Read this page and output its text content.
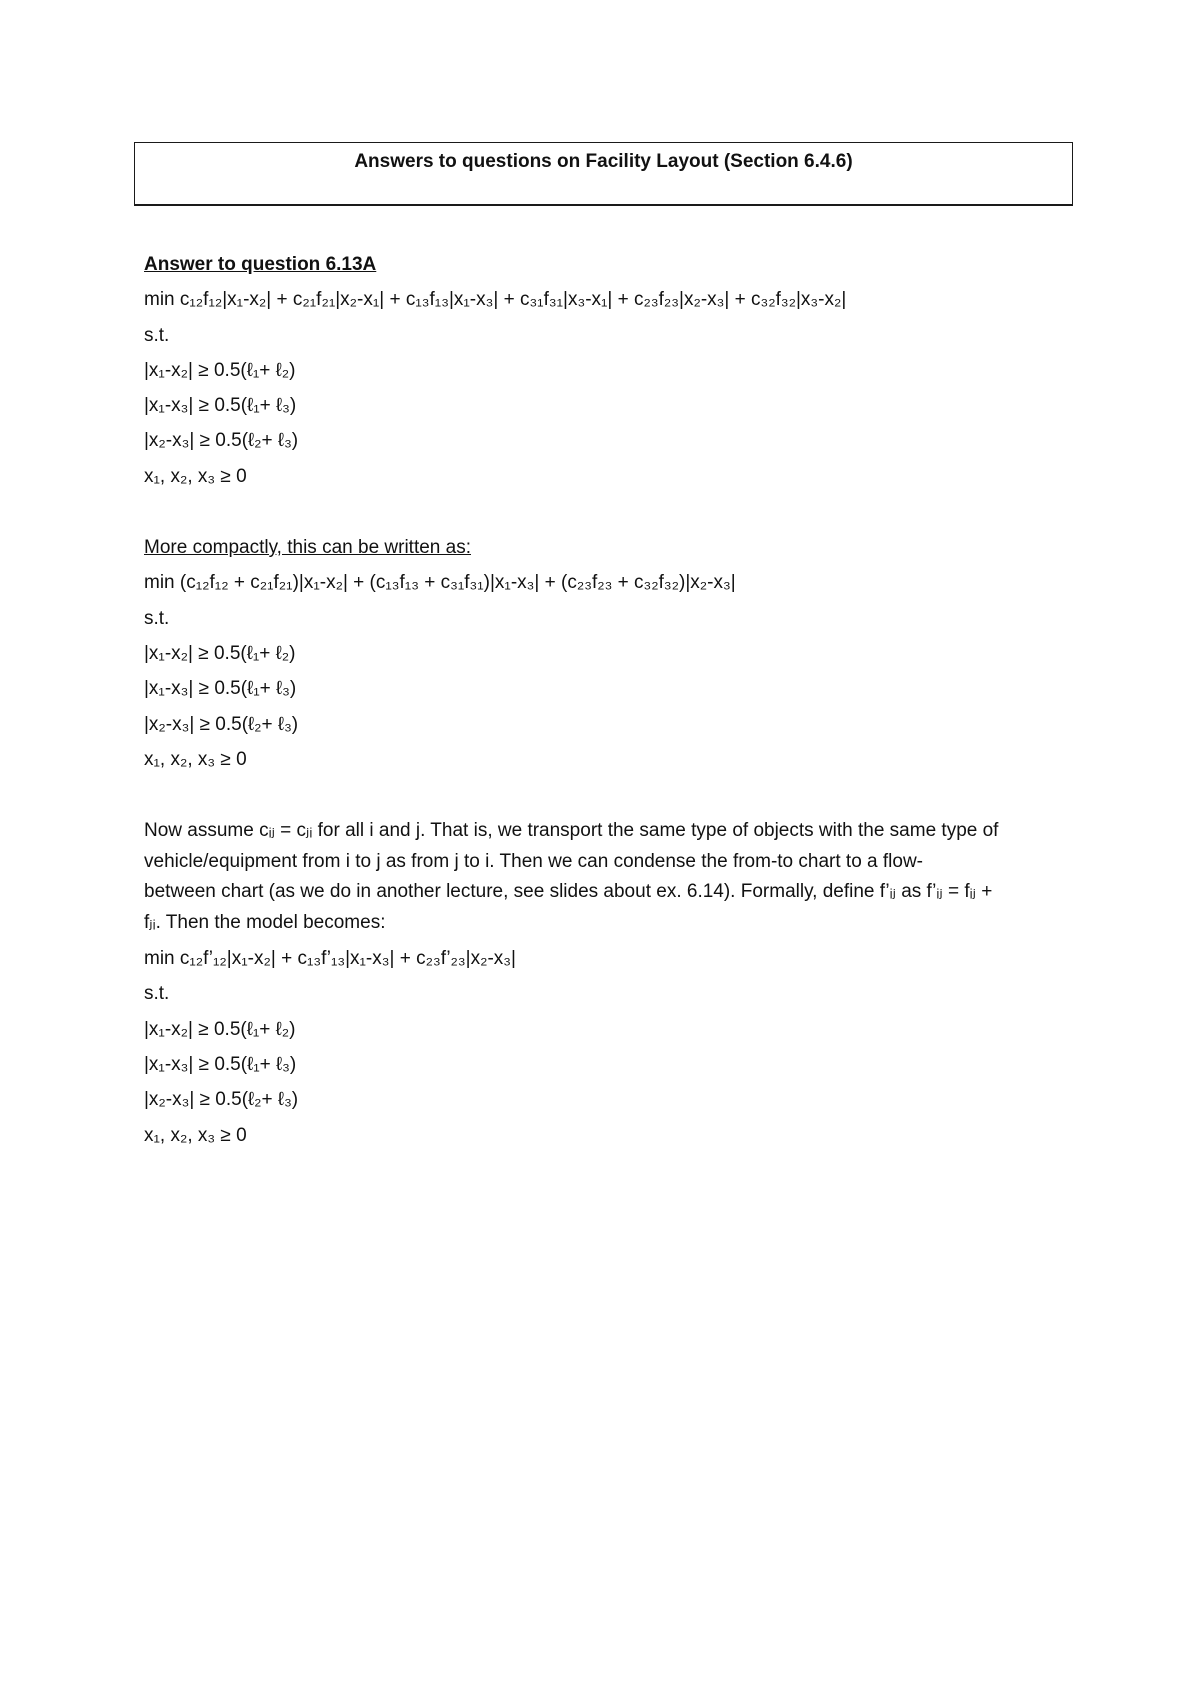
Answers to questions on Facility Layout (Section 6.4.6)
Answer to question 6.13A
min c₁₂f₁₂|x₁-x₂| + c₂₁f₂₁|x₂-x₁| + c₁₃f₁₃|x₁-x₃| + c₃₁f₃₁|x₃-x₁| + c₂₃f₂₃|x₂-x₃| + c₃₂f₃₂|x₃-x₂|
s.t.
|x₁-x₂| ≥ 0.5(ℓ₁+ ℓ₂)
|x₁-x₃| ≥ 0.5(ℓ₁+ ℓ₃)
|x₂-x₃| ≥ 0.5(ℓ₂+ ℓ₃)
x₁, x₂, x₃ ≥ 0
More compactly, this can be written as:
min (c₁₂f₁₂ + c₂₁f₂₁)|x₁-x₂| + (c₁₃f₁₃ + c₃₁f₃₁)|x₁-x₃| + (c₂₃f₂₃ + c₃₂f₃₂)|x₂-x₃|
s.t.
|x₁-x₂| ≥ 0.5(ℓ₁+ ℓ₂)
|x₁-x₃| ≥ 0.5(ℓ₁+ ℓ₃)
|x₂-x₃| ≥ 0.5(ℓ₂+ ℓ₃)
x₁, x₂, x₃ ≥ 0
Now assume cᵢⱼ = cⱼᵢ for all i and j. That is, we transport the same type of objects with the same type of
vehicle/equipment from i to j as from j to i. Then we can condense the from-to chart to a flow-
between chart (as we do in another lecture, see slides about ex. 6.14). Formally, define f’ᵢⱼ as f’ᵢⱼ = fᵢⱼ +
fⱼᵢ. Then the model becomes:
min c₁₂f’₁₂|x₁-x₂| + c₁₃f’₁₃|x₁-x₃| + c₂₃f’₂₃|x₂-x₃|
s.t.
|x₁-x₂| ≥ 0.5(ℓ₁+ ℓ₂)
|x₁-x₃| ≥ 0.5(ℓ₁+ ℓ₃)
|x₂-x₃| ≥ 0.5(ℓ₂+ ℓ₃)
x₁, x₂, x₃ ≥ 0
